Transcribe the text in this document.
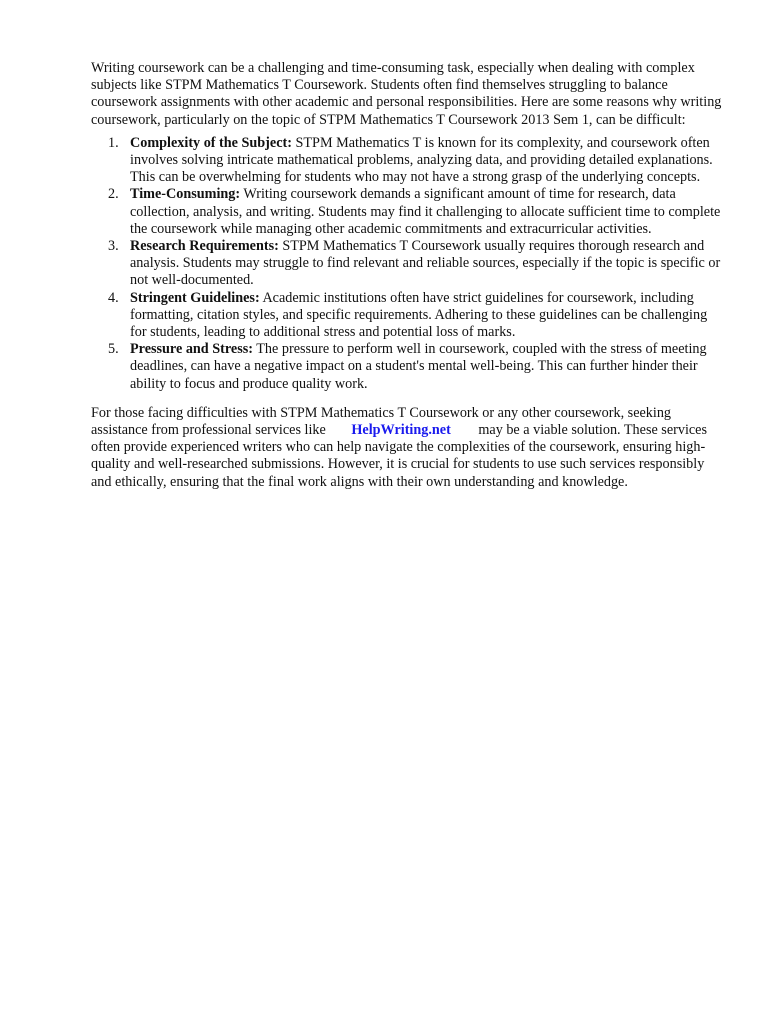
Writing coursework can be a challenging and time-consuming task, especially when dealing with complex subjects like STPM Mathematics T Coursework. Students often find themselves struggling to balance coursework assignments with other academic and personal responsibilities. Here are some reasons why writing coursework, particularly on the topic of STPM Mathematics T Coursework 2013 Sem 1, can be difficult:

1. Complexity of the Subject: STPM Mathematics T is known for its complexity, and coursework often involves solving intricate mathematical problems, analyzing data, and providing detailed explanations. This can be overwhelming for students who may not have a strong grasp of the underlying concepts.
2. Time-Consuming: Writing coursework demands a significant amount of time for research, data collection, analysis, and writing. Students may find it challenging to allocate sufficient time to complete the coursework while managing other academic commitments and extracurricular activities.
3. Research Requirements: STPM Mathematics T Coursework usually requires thorough research and analysis. Students may struggle to find relevant and reliable sources, especially if the topic is specific or not well-documented.
4. Stringent Guidelines: Academic institutions often have strict guidelines for coursework, including formatting, citation styles, and specific requirements. Adhering to these guidelines can be challenging for students, leading to additional stress and potential loss of marks.
5. Pressure and Stress: The pressure to perform well in coursework, coupled with the stress of meeting deadlines, can have a negative impact on a student's mental well-being. This can further hinder their ability to focus and produce quality work.

For those facing difficulties with STPM Mathematics T Coursework or any other coursework, seeking assistance from professional services like HelpWriting.net may be a viable solution. These services often provide experienced writers who can help navigate the complexities of the coursework, ensuring high-quality and well-researched submissions. However, it is crucial for students to use such services responsibly and ethically, ensuring that the final work aligns with their own understanding and knowledge.
